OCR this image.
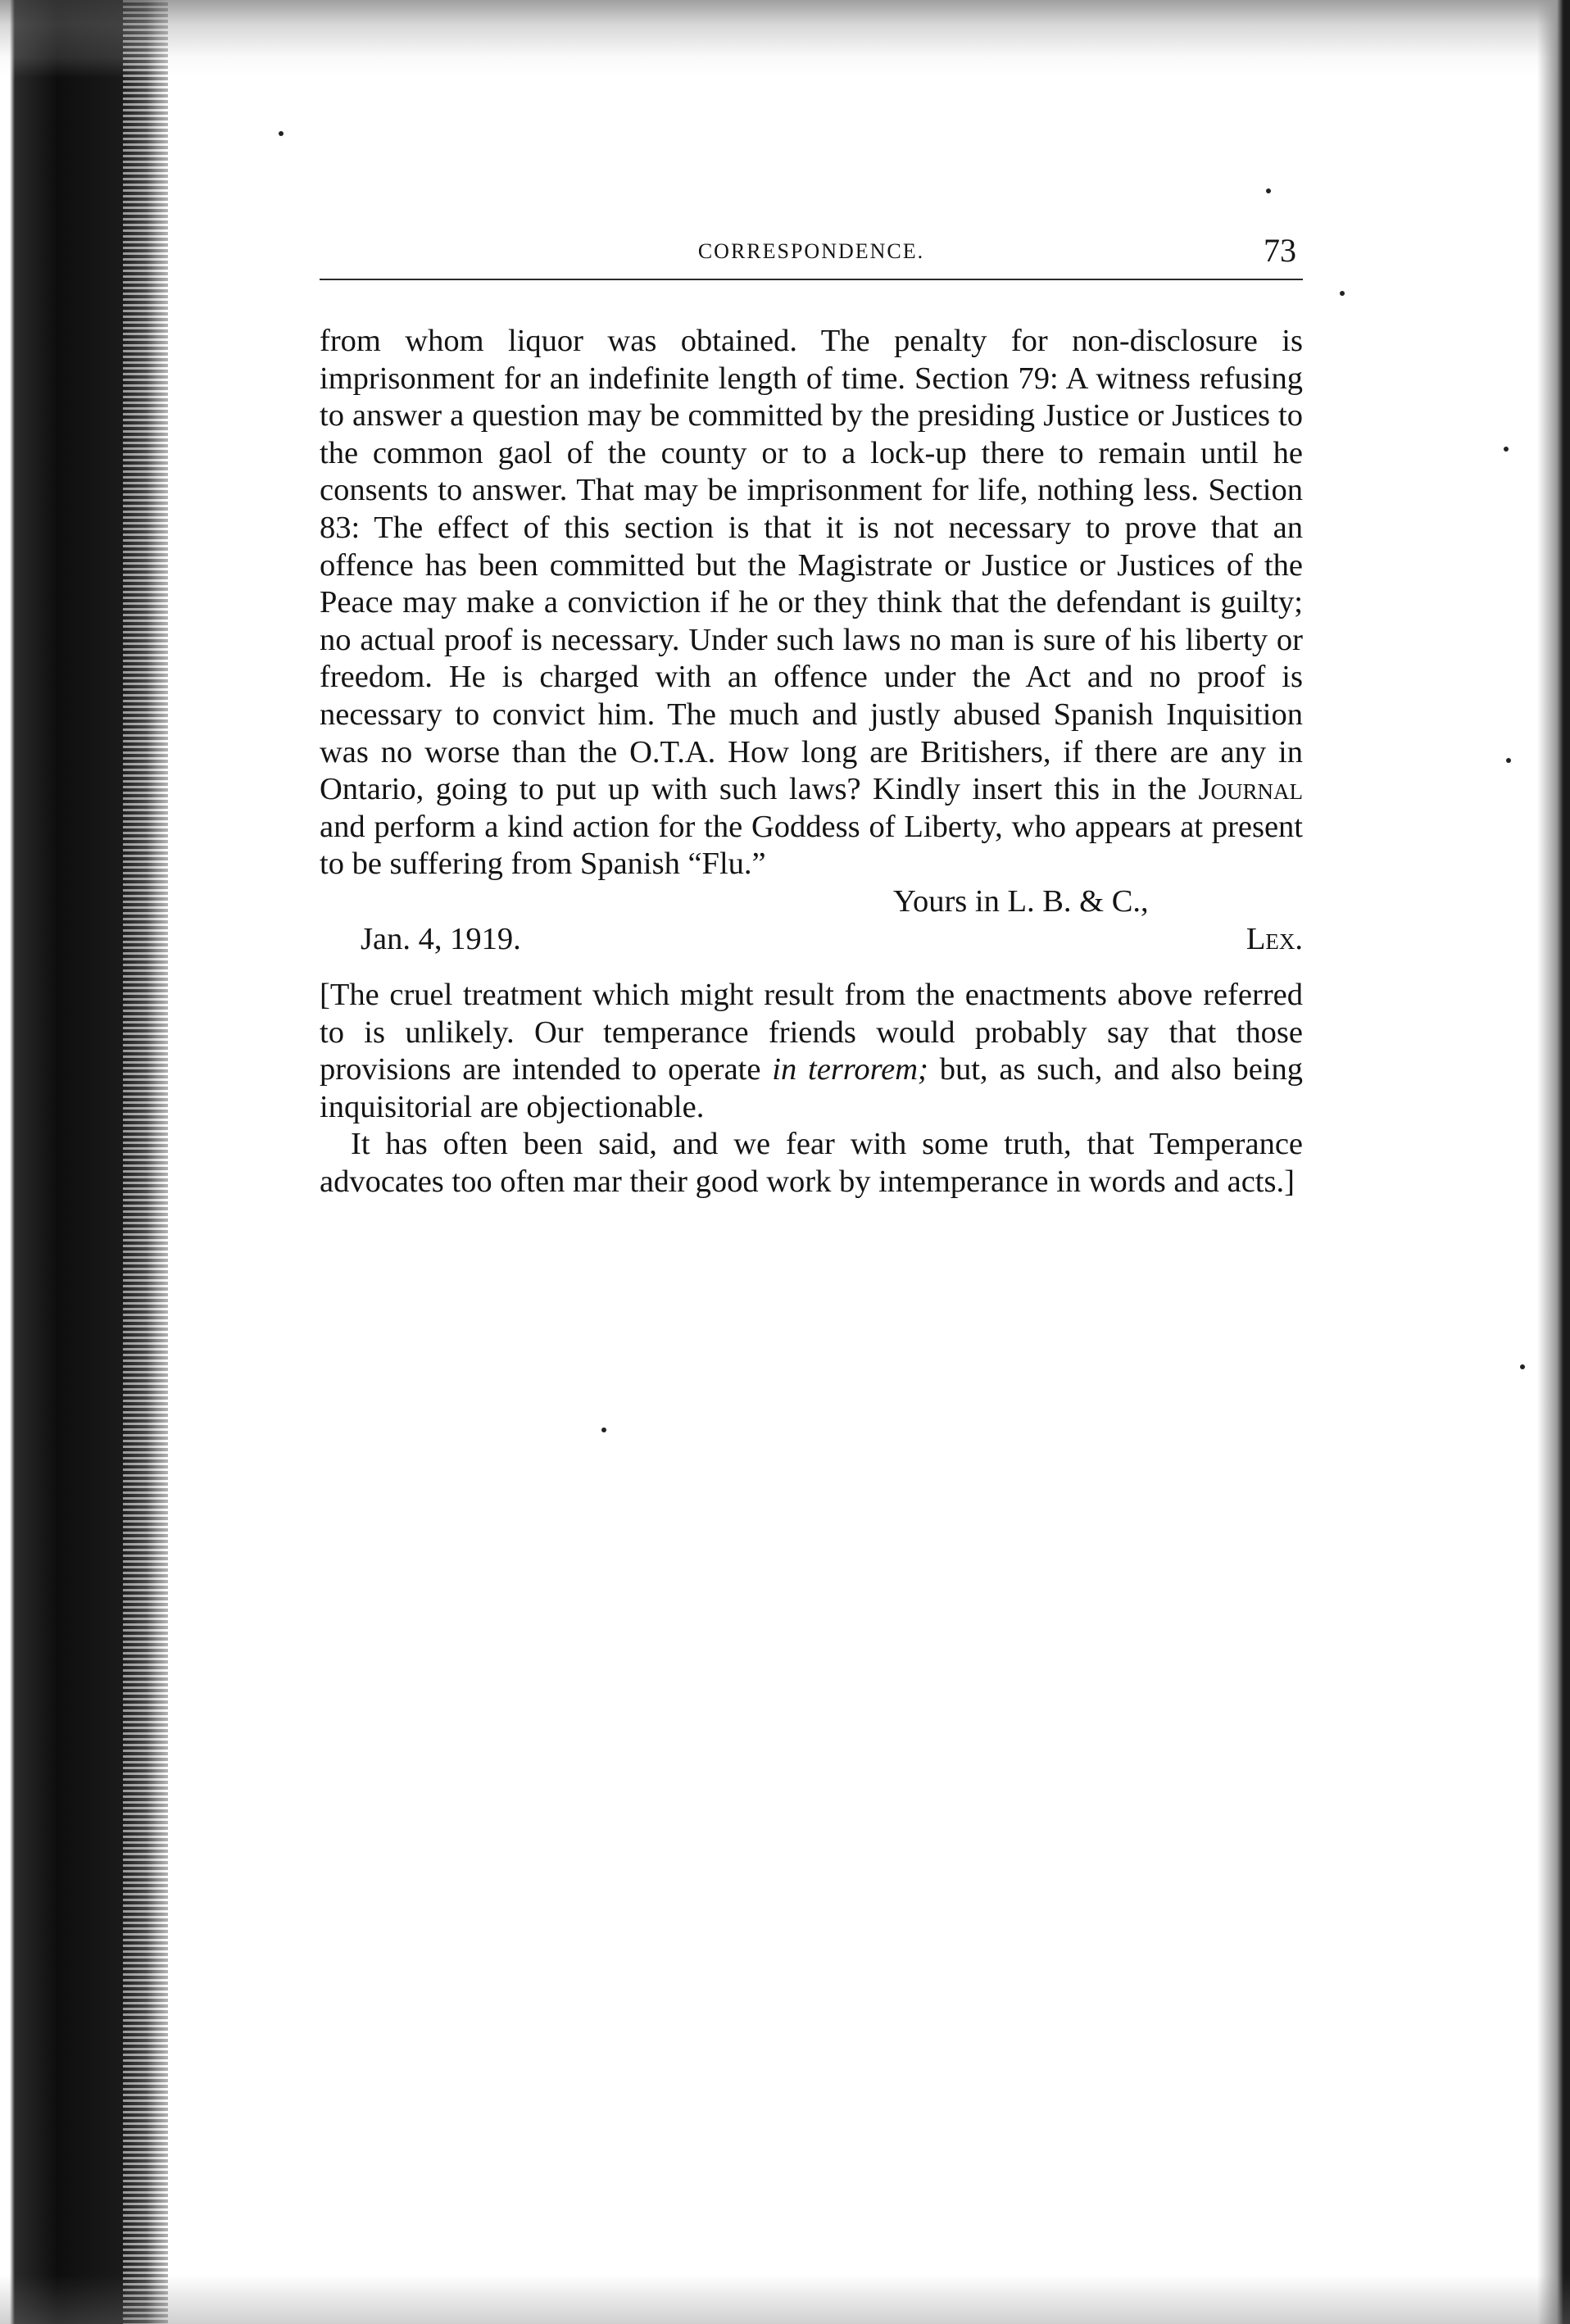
CORRESPONDENCE.	73

from whom liquor was obtained. The penalty for non-disclosure is imprisonment for an indefinite length of time. Section 79: A witness refusing to answer a question may be committed by the presiding Justice or Justices to the common gaol of the county or to a lock-up there to remain until he consents to answer. That may be imprisonment for life, nothing less. Section 83: The effect of this section is that it is not necessary to prove that an offence has been committed but the Magistrate or Justice or Justices of the Peace may make a conviction if he or they think that the defendant is guilty; no actual proof is necessary. Under such laws no man is sure of his liberty or freedom. He is charged with an offence under the Act and no proof is necessary to convict him. The much and justly abused Spanish Inquisition was no worse than the O.T.A. How long are Britishers, if there are any in Ontario, going to put up with such laws? Kindly insert this in the Journal and perform a kind action for the Goddess of Liberty, who appears at present to be suffering from Spanish “Flu.”

Yours in L. B. & C.,
Jan. 4, 1919.	Lex.

[The cruel treatment which might result from the enactments above referred to is unlikely. Our temperance friends would probably say that those provisions are intended to operate in terrorem; but, as such, and also being inquisitorial are objectionable.

It has often been said, and we fear with some truth, that Temperance advocates too often mar their good work by intemperance in words and acts.]
